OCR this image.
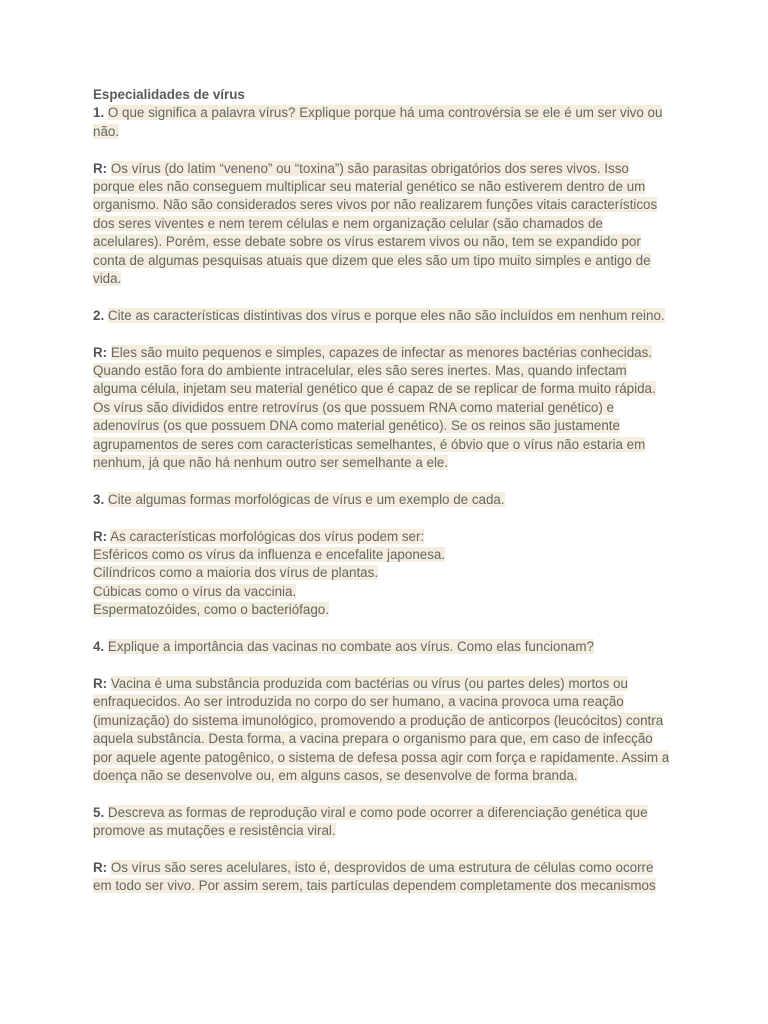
Especialidades de vírus

1. O que significa a palavra vírus? Explique porque há uma controvérsia se ele é um ser vivo ou não.

R: Os vírus (do latim “veneno” ou “toxina”) são parasitas obrigatórios dos seres vivos. Isso porque eles não conseguem multiplicar seu material genético se não estiverem dentro de um organismo. Não são considerados seres vivos por não realizarem funções vitais característicos dos seres viventes e nem terem células e nem organização celular (são chamados de acelulares). Porém, esse debate sobre os vírus estarem vivos ou não, tem se expandido por conta de algumas pesquisas atuais que dizem que eles são um tipo muito simples e antigo de vida.

2. Cite as características distintivas dos vírus e porque eles não são incluídos em nenhum reino.

R: Eles são muito pequenos e simples, capazes de infectar as menores bactérias conhecidas. Quando estão fora do ambiente intracelular, eles são seres inertes. Mas, quando infectam alguma célula, injetam seu material genético que é capaz de se replicar de forma muito rápida. Os vírus são divididos entre retrovírus (os que possuem RNA como material genético) e adenovírus (os que possuem DNA como material genético). Se os reinos são justamente agrupamentos de seres com características semelhantes, é óbvio que o vírus não estaria em nenhum, já que não há nenhum outro ser semelhante a ele.

3. Cite algumas formas morfológicas de vírus e um exemplo de cada.

R: As características morfológicas dos vírus podem ser:

Esféricos como os vírus da influenza e encefalite japonesa.

Cilíndricos como a maioria dos vírus de plantas.

Cúbicas como o vírus da vaccinia.

Espermatozóides, como o bacteriófago.

4. Explique a importância das vacinas no combate aos vírus. Como elas funcionam?

R: Vacina é uma substância produzida com bactérias ou vírus (ou partes deles) mortos ou enfraquecidos. Ao ser introduzida no corpo do ser humano, a vacina provoca uma reação (imunização) do sistema imunológico, promovendo a produção de anticorpos (leucócitos) contra aquela substância. Desta forma, a vacina prepara o organismo para que, em caso de infecção por aquele agente patogênico, o sistema de defesa possa agir com força e rapidamente. Assim a doença não se desenvolve ou, em alguns casos, se desenvolve de forma branda.

5. Descreva as formas de reprodução viral e como pode ocorrer a diferenciação genética que promove as mutações e resistência viral.

R: Os vírus são seres acelulares, isto é, desprovidos de uma estrutura de células como ocorre em todo ser vivo. Por assim serem, tais partículas dependem completamente dos mecanismos
